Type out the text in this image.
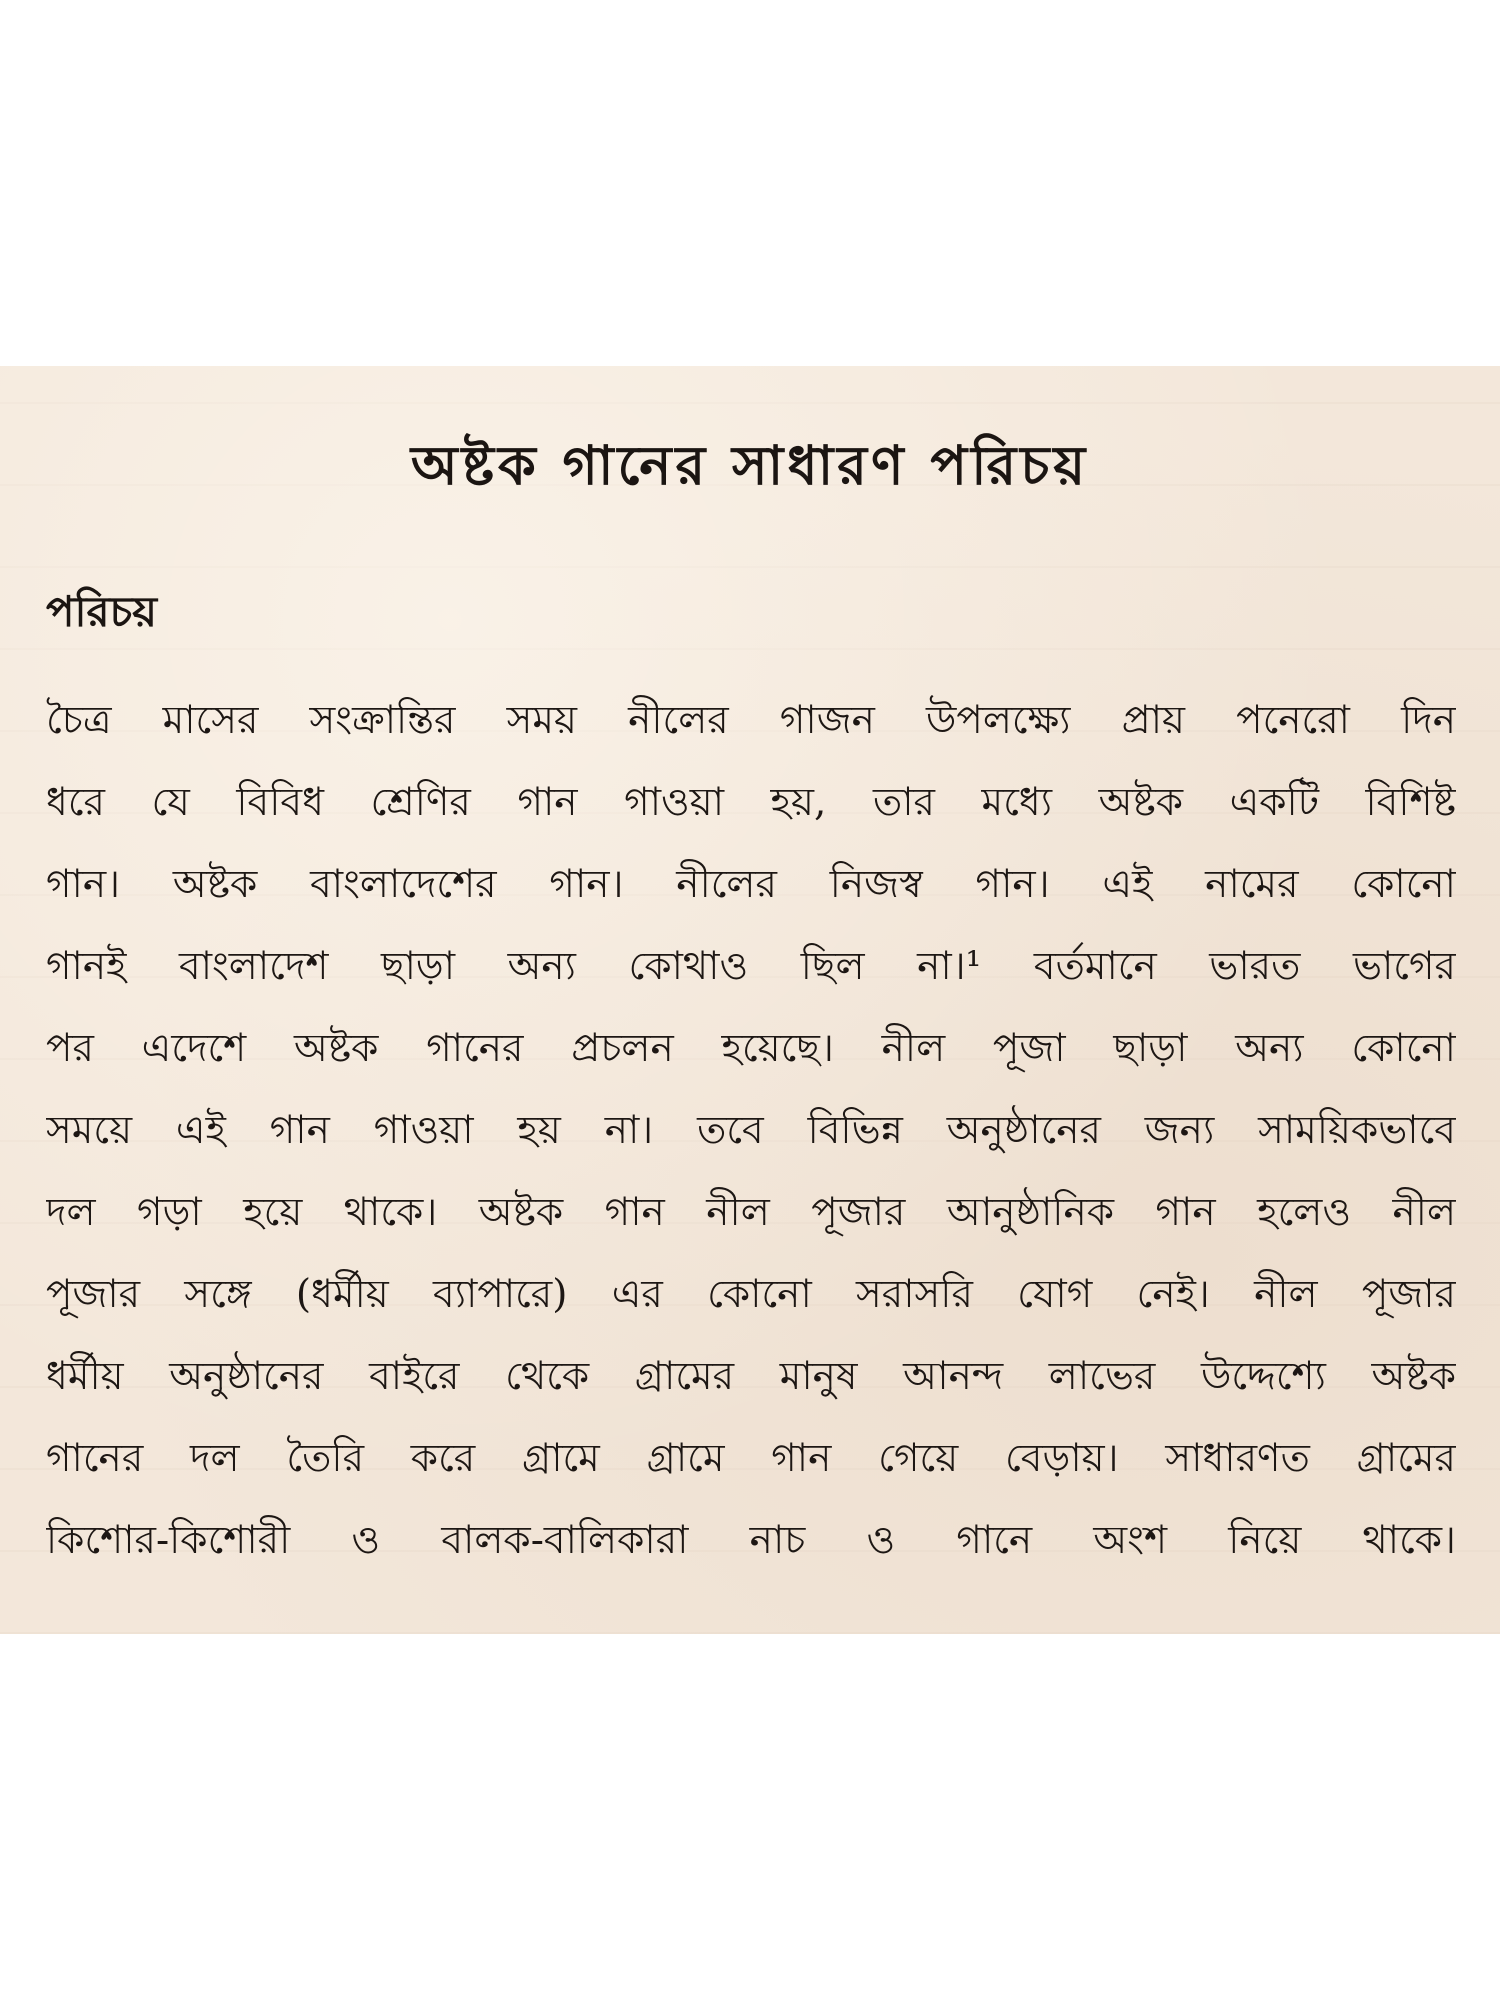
অষ্টক গানের সাধারণ পরিচয়
পরিচয়
চৈত্র মাসের সংক্রান্তির সময় নীলের গাজন উপলক্ষ্যে প্রায় পনেরো দিন
ধরে যে বিবিধ শ্রেণির গান গাওয়া হয়, তার মধ্যে অষ্টক একটি বিশিষ্ট
গান। অষ্টক বাংলাদেশের গান। নীলের নিজস্ব গান। এই নামের কোনো
গানই বাংলাদেশ ছাড়া অন্য কোথাও ছিল না।¹ বর্তমানে ভারত ভাগের
পর এদেশে অষ্টক গানের প্রচলন হয়েছে। নীল পূজা ছাড়া অন্য কোনো
সময়ে এই গান গাওয়া হয় না। তবে বিভিন্ন অনুষ্ঠানের জন্য সাময়িকভাবে
দল গড়া হয়ে থাকে। অষ্টক গান নীল পূজার আনুষ্ঠানিক গান হলেও নীল
পূজার সঙ্গে (ধর্মীয় ব্যাপারে) এর কোনো সরাসরি যোগ নেই। নীল পূজার
ধর্মীয় অনুষ্ঠানের বাইরে থেকে গ্রামের মানুষ আনন্দ লাভের উদ্দেশ্যে অষ্টক
গানের দল তৈরি করে গ্রামে গ্রামে গান গেয়ে বেড়ায়। সাধারণত গ্রামের
কিশোর-কিশোরী ও বালক-বালিকারা নাচ ও গানে অংশ নিয়ে থাকে।
